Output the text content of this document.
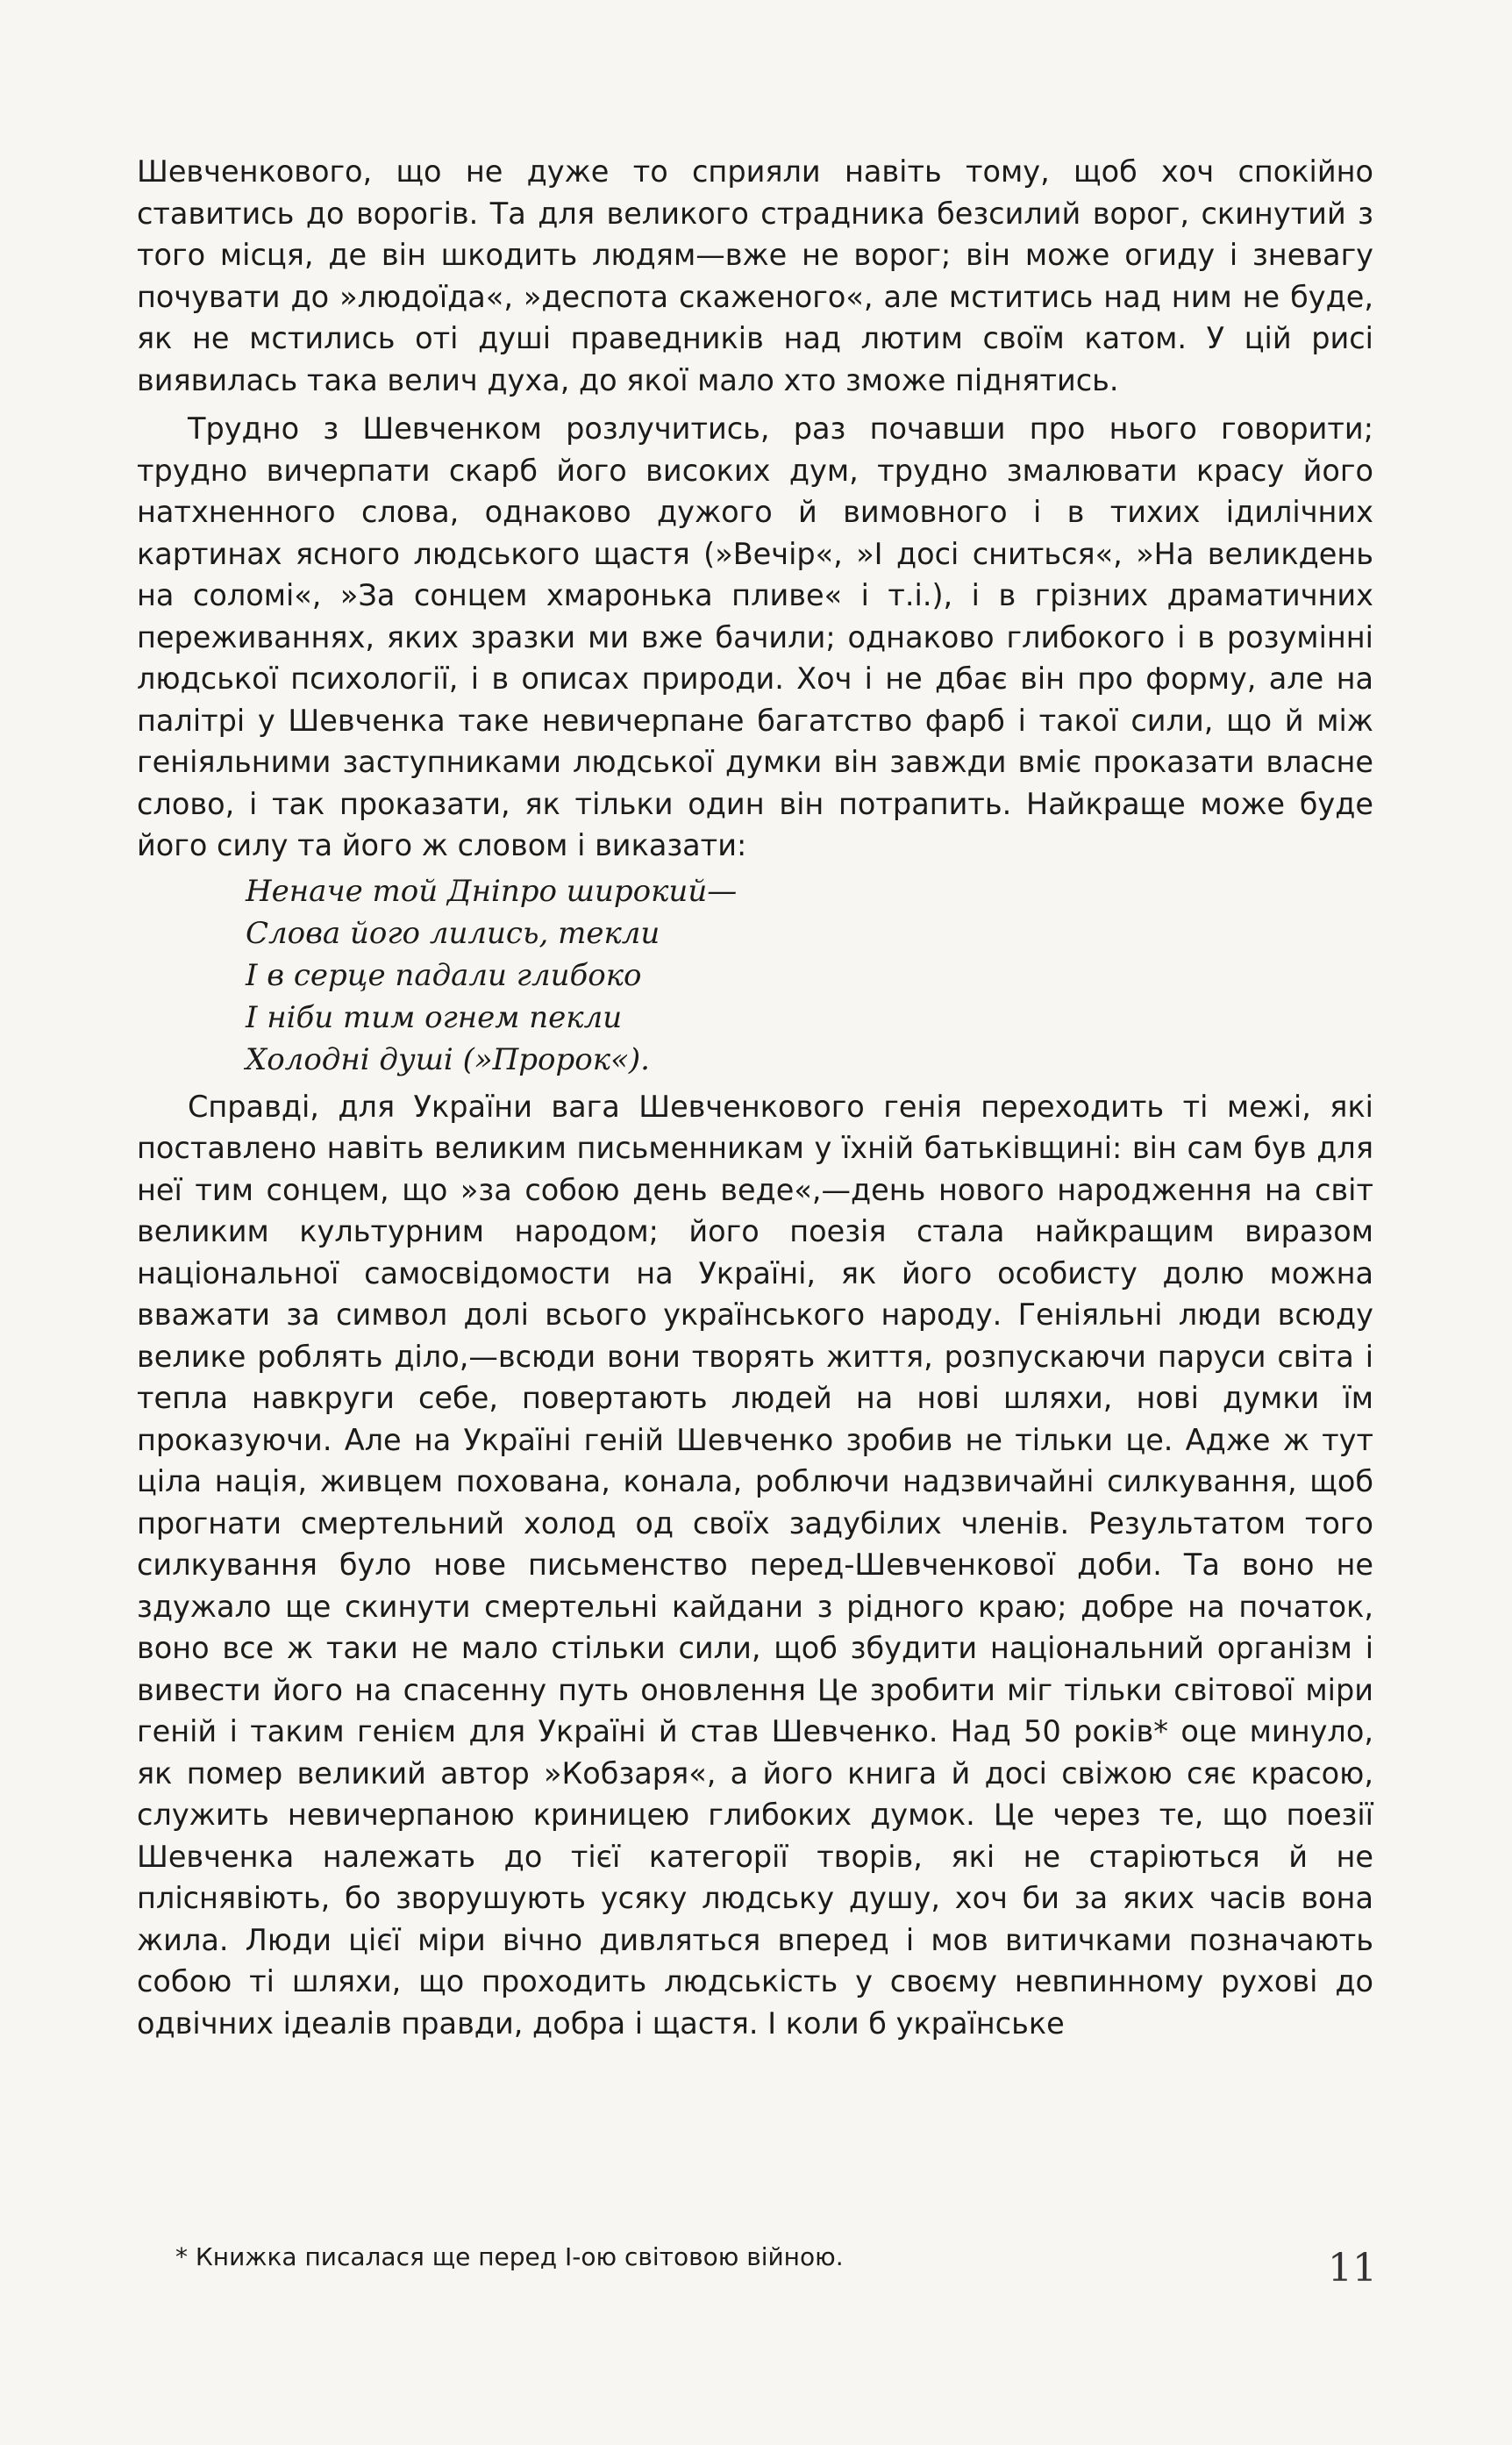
Шевченкового, що не дуже то сприяли навіть тому, щоб хоч спокійно ставитись до ворогів. Та для великого страдника безсилий ворог, скинутий з того місця, де він шкодить людям—вже не ворог; він може огиду і зневагу почувати до »людоїда«, »деспота скаженого«, але мститись над ним не буде, як не мстились оті душі праведників над лютим своїм катом. У цій рисі виявилась така велич духа, до якої мало хто зможе піднятись.

Трудно з Шевченком розлучитись, раз почавши про нього говорити; трудно вичерпати скарб його високих дум, трудно змалювати красу його натхненного слова, однаково дужого й вимовного і в тихих ідилічних картинах ясного людського щастя (»Вечір«, »І досі сниться«, »На великдень на соломі«, »За сонцем хмаронька пливе« і т.і.), і в грізних драматичних переживаннях, яких зразки ми вже бачили; однаково глибокого і в розумінні людської психології, і в описах природи. Хоч і не дбає він про форму, але на палітрі у Шевченка таке невичерпане багатство фарб і такої сили, що й між геніяльними заступниками людської думки він завжди вміє проказати власне слово, і так проказати, як тільки один він потрапить. Найкраще може буде його силу та його ж словом і виказати:

Неначе той Дніпро широкий—
Слова його лились, текли
І в серце падали глибоко
І ніби тим огнем пекли
Холодні душі (»Пророк«).

Справді, для України вага Шевченкового генія переходить ті межі, які поставлено навіть великим письменникам у їхній батьківщині: він сам був для неї тим сонцем, що »за собою день веде«,—день нового народження на світ великим культурним народом; його поезія стала найкращим виразом національної самосвідомости на Україні, як його особисту долю можна вважати за символ долі всього українського народу. Геніяльні люди всюду велике роблять діло,—всюди вони творять життя, розпускаючи паруси світа і тепла навкруги себе, повертають людей на нові шляхи, нові думки їм проказуючи. Але на Україні геній Шевченко зробив не тільки це. Адже ж тут ціла нація, живцем похована, конала, роблючи надзвичайні силкування, щоб прогнати смертельний холод од своїх задубілих членів. Результатом того силкування було нове письменство перед-Шевченкової доби. Та воно не здужало ще скинути смертельні кайдани з рідного краю; добре на початок, воно все ж таки не мало стільки сили, щоб збудити національний організм і вивести його на спасенну путь оновлення Це зробити міг тільки світової міри геній і таким генієм для Україні й став Шевченко. Над 50 років* оце минуло, як помер великий автор »Кобзаря«, а його книга й досі свіжою сяє красою, служить невичерпаною криницею глибоких думок. Це через те, що поезії Шевченка належать до тієї категорії творів, які не старіються й не пліснявіють, бо зворушують усяку людську душу, хоч би за яких часів вона жила. Люди цієї міри вічно дивляться вперед і мов витичками позначають собою ті шляхи, що проходить людськість у своєму невпинному рухові до одвічних ідеалів правди, добра і щастя. І коли б українське

* Книжка писалася ще перед І-ою світовою війною.	11
